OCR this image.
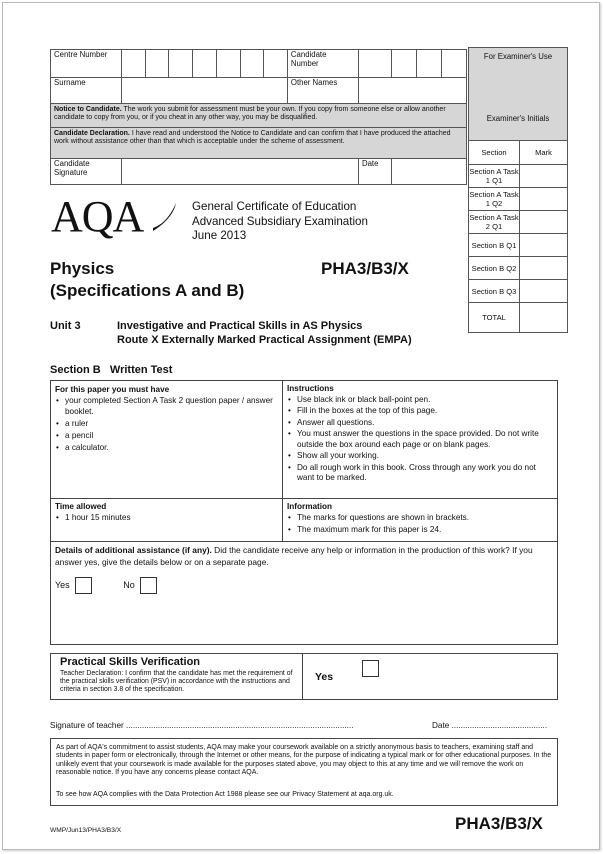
Centre Number								Candidate Number				
Surname								Other Names				
Notice to Candidate. The work you submit for assessment must be your own. If you copy from someone else or allow another candidate to copy from you, or if you cheat in any other way, you may be disqualified.												
Candidate Declaration. I have read and understood the Notice to Candidate and can confirm that I have produced the attached work without assistance other than that which is acceptable under the scheme of assessment.												
Candidate Signature									Date			
For Examiner's Use
Examiner's Initials
Section	Mark
Section A Task 1 Q1	
Section A Task 1 Q2	
Section A Task 2 Q1	
Section B Q1	
Section B Q2	
Section B Q3	
TOTAL	
AQA	General Certificate of Education
Advanced Subsidiary Examination
June 2013
Physics
(Specifications A and B)
PHA3/B3/X
Unit 3	Investigative and Practical Skills in AS Physics
Route X Externally Marked Practical Assignment (EMPA)
Section B Written Test
For this paper you must have
• your completed Section A Task 2 question paper / answer booklet.
• a ruler
• a pencil
• a calculator.
Instructions
• Use black ink or black ball-point pen.
• Fill in the boxes at the top of this page.
• Answer all questions.
• You must answer the questions in the space provided. Do not write outside the box around each page or on blank pages.
• Show all your working.
• Do all rough work in this book. Cross through any work you do not want to be marked.
Time allowed
• 1 hour 15 minutes
Information
• The marks for questions are shown in brackets.
• The maximum mark for this paper is 24.
Details of additional assistance (if any). Did the candidate receive any help or information in the production of this work? If you answer yes, give the details below or on a separate page.
Yes	No
Practical Skills Verification
Teacher Declaration: I confirm that the candidate has met the requirement of the practical skills verification (PSV) in accordance with the instructions and criteria in section 3.8 of the specification.
Yes
Signature of teacher ....................................................................................................	Date ..........................................
As part of AQA's commitment to assist students, AQA may make your coursework available on a strictly anonymous basis to teachers, examining staff and students in paper form or electronically, through the Internet or other means, for the purpose of indicating a typical mark or for other educational purposes. In the unlikely event that your coursework is made available for the purposes stated above, you may object to this at any time and we will remove the work on reasonable notice. If you have any concerns please contact AQA.
To see how AQA complies with the Data Protection Act 1988 please see our Privacy Statement at aqa.org.uk.
WMP/Jun13/PHA3/B3/X	PHA3/B3/X
